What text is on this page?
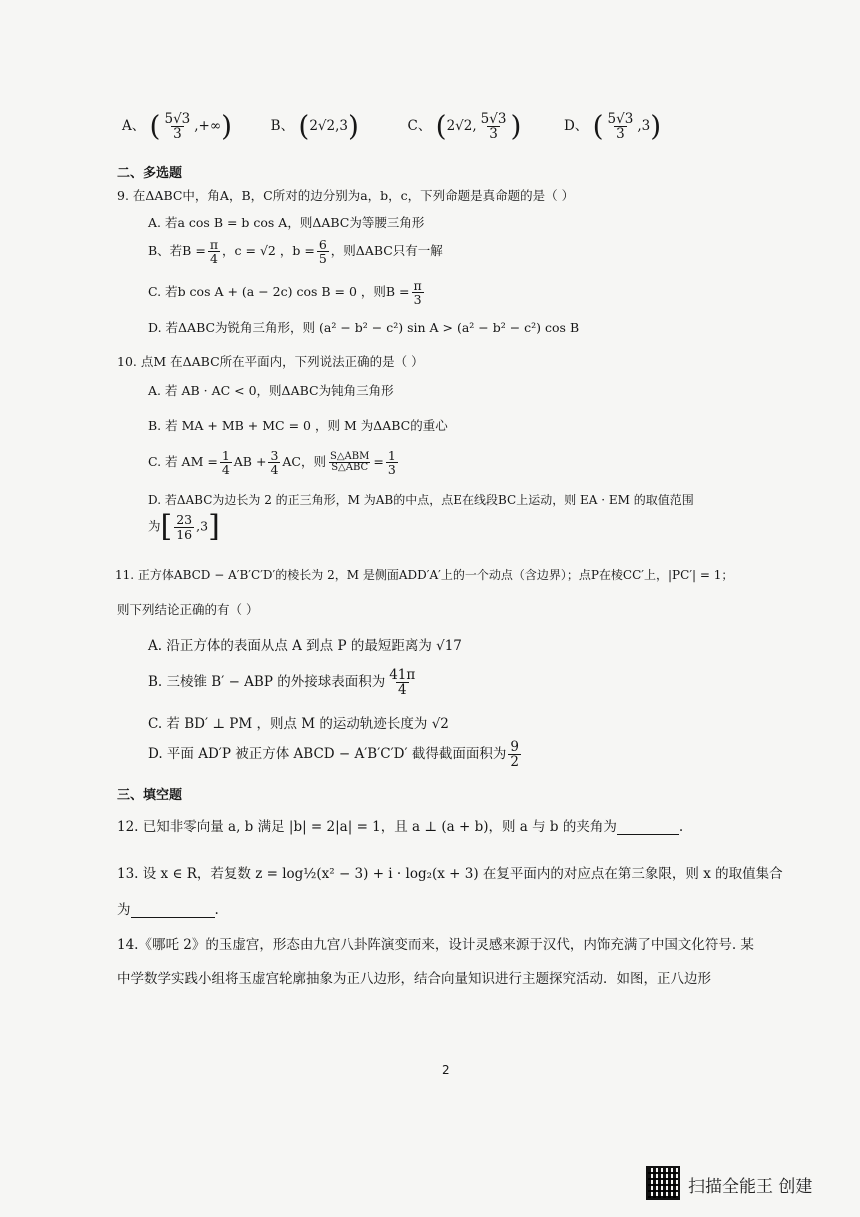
A、 ( $\frac{5√3}{3}$ ,+∞)	B、 (2√2,3)	C、 (2√2, $\frac{5√3}{3}$ )	D、 ( $\frac{5√3}{3} ,3$)
二、多选题
9. 在ΔABC中，角A，B，C所对的边分别为a，b，c，下列命题是真命题的是（ ）
A. 若a cos B = b cos A，则ΔABC为等腰三角形
B、若$B = \frac{\pi}{4}$ ，c = √2 ，$b = \frac{6}{5}$ ，则ΔABC只有一解
C. 若b cos A + (a − 2c) cos B = 0 ，则$B = \frac{\pi}{3}$
D. 若ΔABC为锐角三角形，则 (a² − b² − c²) sin A > (a² − b² − c²) cos B
10. 点M 在ΔABC所在平面内，下列说法正确的是（ ）
A. 若 AB · AC < 0，则ΔABC为钝角三角形
B. 若 MA + MB + MC = 0 ，则 M 为ΔABC的重心
C. 若 AM = $\frac{1}{4}$ AB + $\frac{3}{4}$ AC，则 $\frac{\text{S△ABM}}{\text{S△ABC}} = \frac{1}{3}$
D. 若ΔABC为边长为 2 的正三角形，M 为AB的中点，点E在线段BC上运动，则 EA · EM 的取值范围
为[ $\frac{23}{16} ,3$]
11. 正方体ABCD − A′B′C′D′的棱长为 2，M 是侧面ADD′A′上的一个动点（含边界）；点P在棱CC′上，|PC′| = 1；
则下列结论正确的有（ ）
A. 沿正方体的表面从点 A 到点 P 的最短距离为 √17
B. 三棱锥 B′ − ABP 的外接球表面积为 $\frac{41\pi}{4}$
C. 若 BD′ ⊥ PM ，则点 M 的运动轨迹长度为 √2
D. 平面 AD′P 被正方体 ABCD − A′B′C′D′ 截得截面面积为 $\frac{9}{2}$
三、填空题
12. 已知非零向量 a, b 满足 |b| = 2|a| = 1，且 a ⊥ (a + b)，则 a 与 b 的夹角为	.
13. 设 x ∈ R，若复数 z = log½(x² − 3) + i · log₂(x + 3) 在复平面内的对应点在第三象限，则 x 的取值集合
为	.
14.《哪吒 2》的玉虚宫，形态由九宫八卦阵演变而来，设计灵感来源于汉代，内饰充满了中国文化符号. 某
中学数学实践小组将玉虚宫轮廓抽象为正八边形，结合向量知识进行主题探究活动．如图，正八边形
2
扫描全能王 创建
